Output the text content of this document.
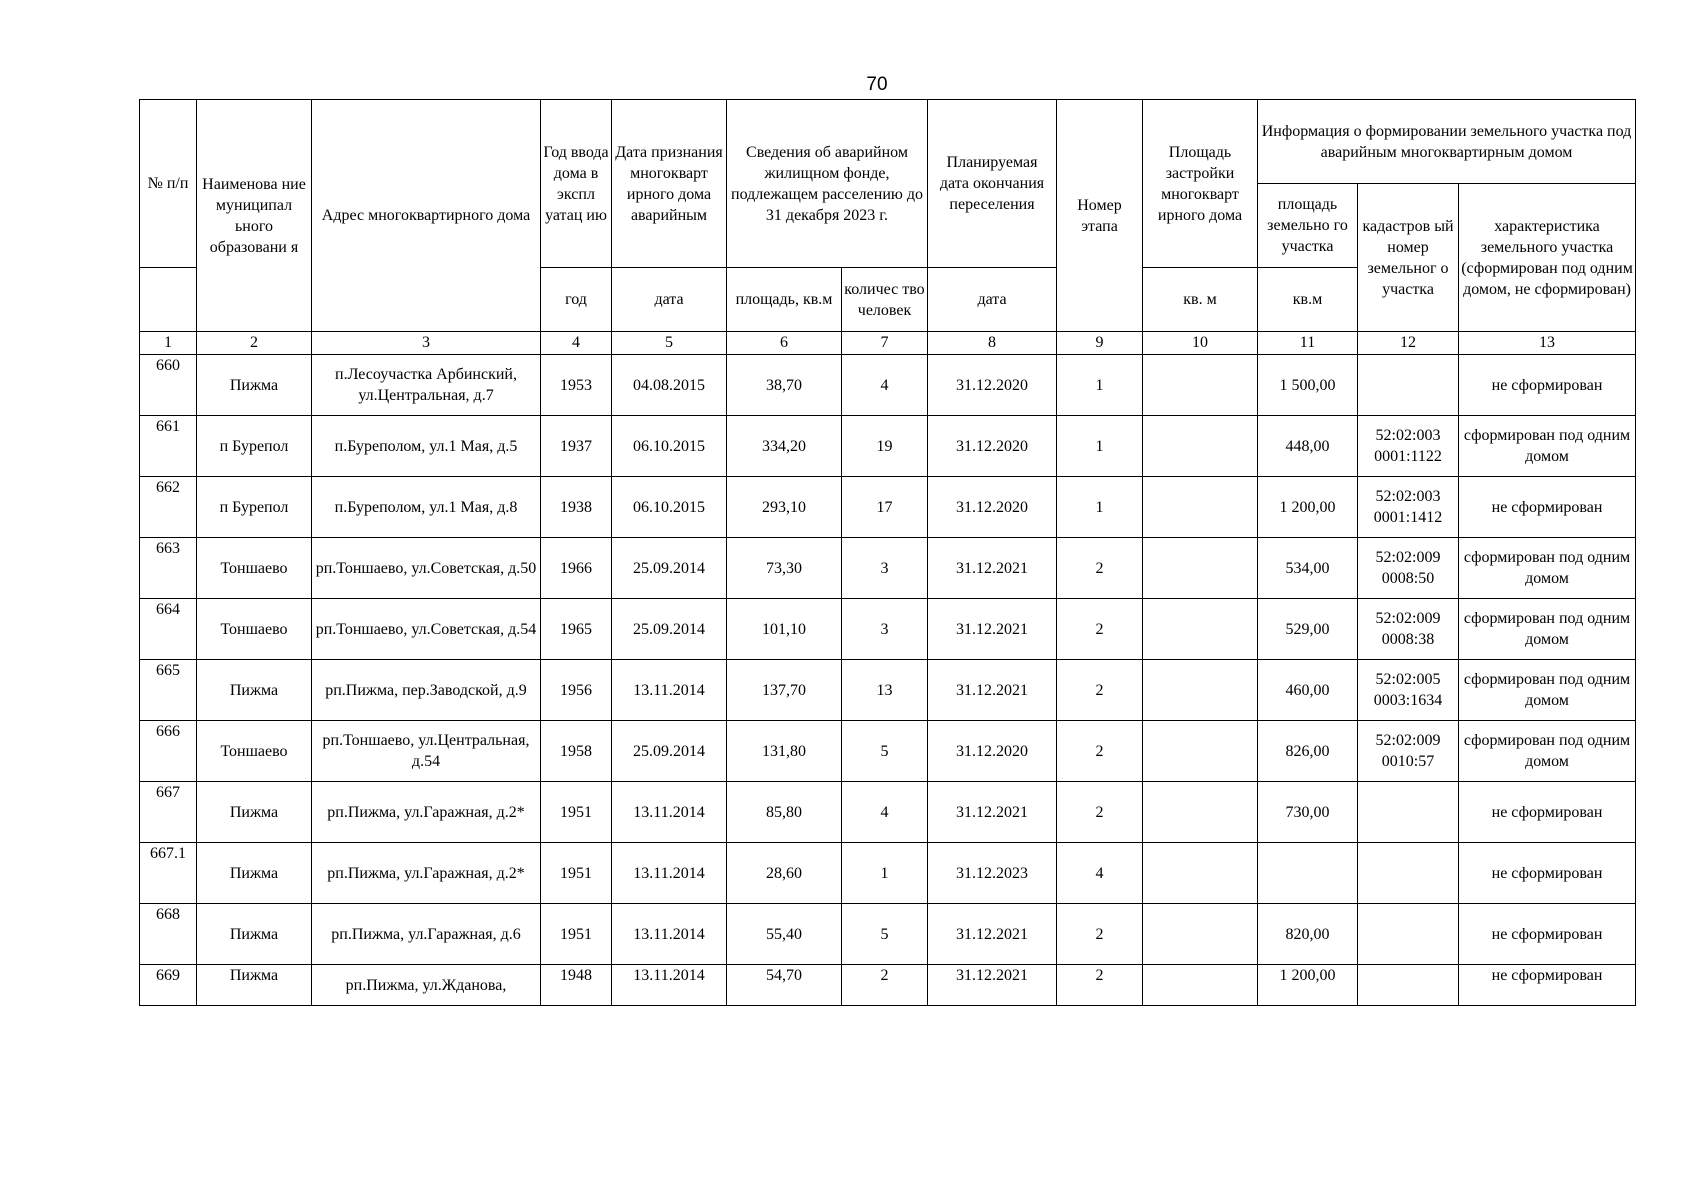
70
№ п/п	Наименова ние муниципал ьного образовани я	Адрес многоквартирного дома	Год ввода дома в экспл уатац ию	Дата признания многокварт ирного дома аварийным	Сведения об аварийном жилищном фонде, подлежащем расселению до 31 декабря 2023 г.		Планируемая дата окончания переселения	Номер этапа	Площадь застройки многокварт ирного дома	Информация о формировании земельного участка под аварийным многоквартирным домом		
										площадь земельно го участка	кадастров ый номер земельног о участка	характеристика земельного участка (сформирован под одним домом, не сформирован)
			год	дата	площадь, кв.м	количес тво человек	дата		кв. м	кв.м		
1	2	3	4	5	6	7	8	9	10	11	12	13
660	Пижма	п.Лесоучастка Арбинский, ул.Центральная, д.7	1953	04.08.2015	38,70	4	31.12.2020	1		1 500,00		не сформирован
661	п Бурепол	п.Буреполом, ул.1 Мая, д.5	1937	06.10.2015	334,20	19	31.12.2020	1		448,00	52:02:003 0001:1122	сформирован под одним домом
662	п Бурепол	п.Буреполом, ул.1 Мая, д.8	1938	06.10.2015	293,10	17	31.12.2020	1		1 200,00	52:02:003 0001:1412	не сформирован
663	Тоншаево	рп.Тоншаево, ул.Советская, д.50	1966	25.09.2014	73,30	3	31.12.2021	2		534,00	52:02:009 0008:50	сформирован под одним домом
664	Тоншаево	рп.Тоншаево, ул.Советская, д.54	1965	25.09.2014	101,10	3	31.12.2021	2		529,00	52:02:009 0008:38	сформирован под одним домом
665	Пижма	рп.Пижма, пер.Заводской, д.9	1956	13.11.2014	137,70	13	31.12.2021	2		460,00	52:02:005 0003:1634	сформирован под одним домом
666	Тоншаево	рп.Тоншаево, ул.Центральная, д.54	1958	25.09.2014	131,80	5	31.12.2020	2		826,00	52:02:009 0010:57	сформирован под одним домом
667	Пижма	рп.Пижма, ул.Гаражная, д.2*	1951	13.11.2014	85,80	4	31.12.2021	2		730,00		не сформирован
667.1	Пижма	рп.Пижма, ул.Гаражная, д.2*	1951	13.11.2014	28,60	1	31.12.2023	4				не сформирован
668	Пижма	рп.Пижма, ул.Гаражная, д.6	1951	13.11.2014	55,40	5	31.12.2021	2		820,00		не сформирован
669	Пижма	рп.Пижма, ул.Жданова,	1948	13.11.2014	54,70	2	31.12.2021	2		1 200,00		не сформирован
